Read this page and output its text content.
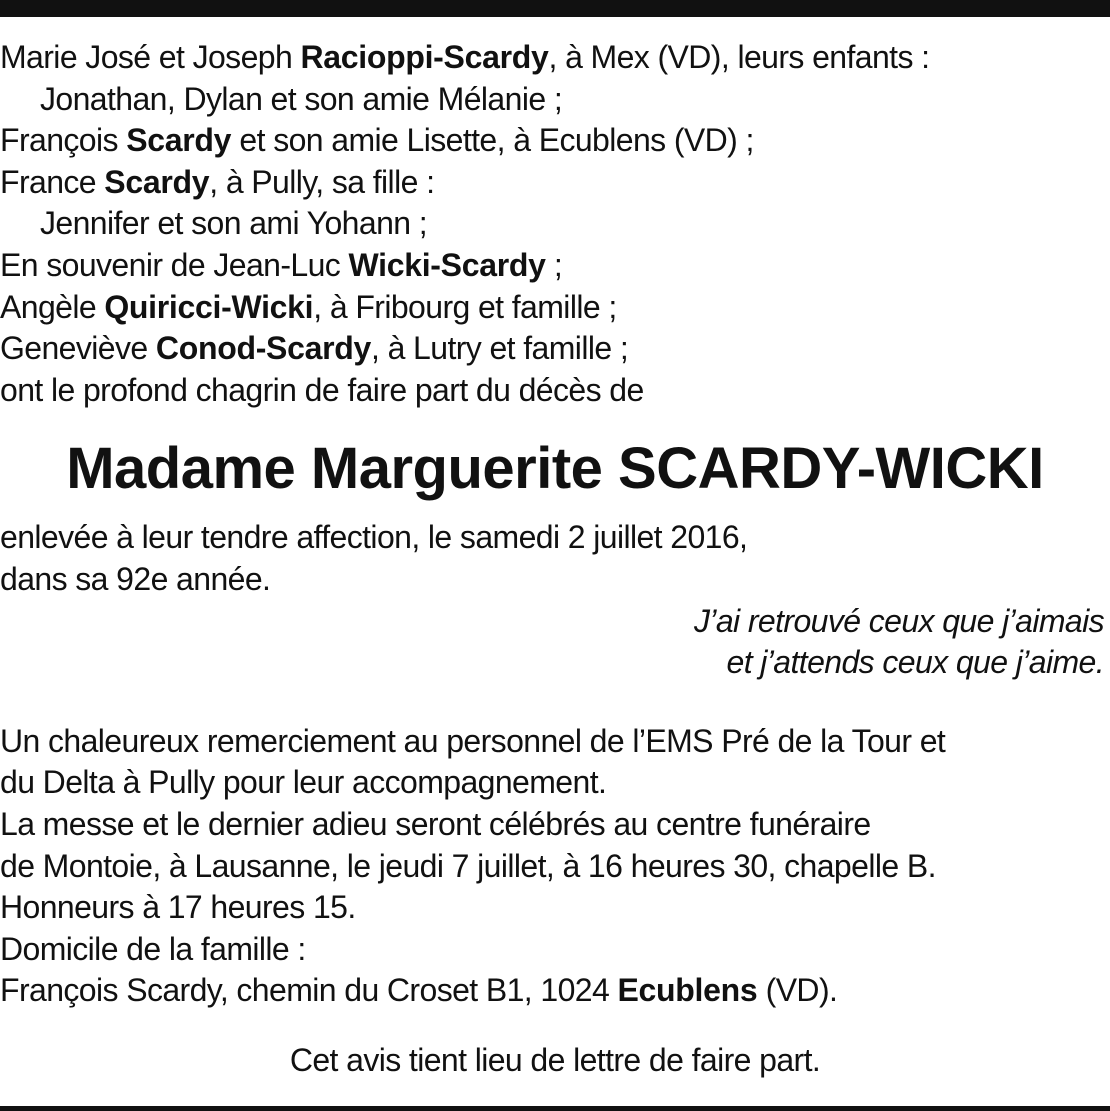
Marie José et Joseph Racioppi-Scardy, à Mex (VD), leurs enfants :
Jonathan, Dylan et son amie Mélanie ;
François Scardy et son amie Lisette, à Ecublens (VD) ;
France Scardy, à Pully, sa fille :
Jennifer et son ami Yohann ;
En souvenir de Jean-Luc Wicki-Scardy ;
Angèle Quiricci-Wicki, à Fribourg et famille ;
Geneviève Conod-Scardy, à Lutry et famille ;
ont le profond chagrin de faire part du décès de
Madame Marguerite SCARDY-WICKI
enlevée à leur tendre affection, le samedi 2 juillet 2016,
dans sa 92e année.
J’ai retrouvé ceux que j’aimais
et j’attends ceux que j’aime.
Un chaleureux remerciement au personnel de l’EMS Pré de la Tour et
du Delta à Pully pour leur accompagnement.
La messe et le dernier adieu seront célébrés au centre funéraire
de Montoie, à Lausanne, le jeudi 7 juillet, à 16 heures 30, chapelle B.
Honneurs à 17 heures 15.
Domicile de la famille :
François Scardy, chemin du Croset B1, 1024 Ecublens (VD).
Cet avis tient lieu de lettre de faire part.
